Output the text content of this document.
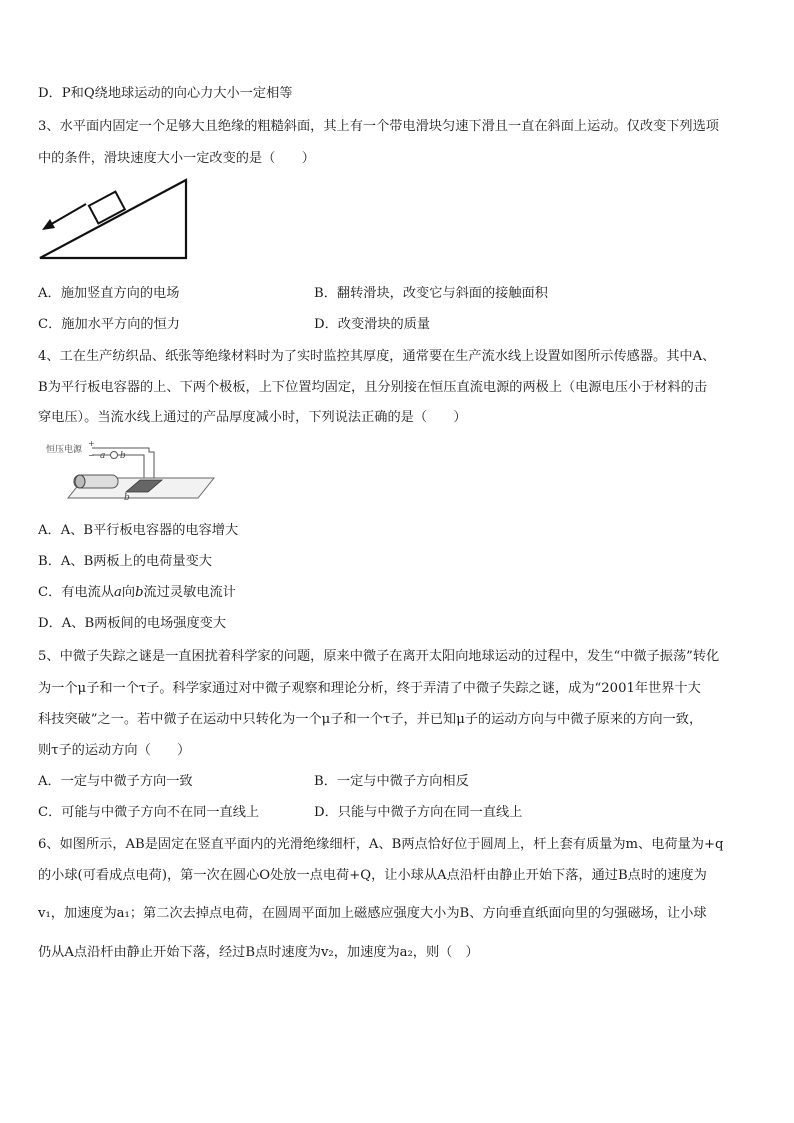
D．P和Q绕地球运动的向心力大小一定相等
3、水平面内固定一个足够大且绝缘的粗糙斜面，其上有一个带电滑块匀速下滑且一直在斜面上运动。仅改变下列选项
中的条件，滑块速度大小一定改变的是（　　）
A．施加竖直方向的电场	B．翻转滑块，改变它与斜面的接触面积
C．施加水平方向的恒力	D．改变滑块的质量
4、工在生产纺织品、纸张等绝缘材料时为了实时监控其厚度，通常要在生产流水线上设置如图所示传感器。其中A、
B为平行板电容器的上、下两个极板，上下位置均固定，且分别接在恒压直流电源的两极上（电源电压小于材料的击
穿电压）。当流水线上通过的产品厚度减小时，下列说法正确的是（　　）
恒压电源
+
− a b
b
A．A、B平行板电容器的电容增大
B．A、B两板上的电荷量变大
C．有电流从a向b流过灵敏电流计
D．A、B两板间的电场强度变大
5、中微子失踪之谜是一直困扰着科学家的问题，原来中微子在离开太阳向地球运动的过程中，发生“中微子振荡”转化
为一个μ子和一个τ子。科学家通过对中微子观察和理论分析，终于弄清了中微子失踪之谜，成为“2001年世界十大
科技突破”之一。若中微子在运动中只转化为一个μ子和一个τ子，并已知μ子的运动方向与中微子原来的方向一致，
则τ子的运动方向（　　）
A．一定与中微子方向一致	B．一定与中微子方向相反
C．可能与中微子方向不在同一直线上	D．只能与中微子方向在同一直线上
6、如图所示，AB是固定在竖直平面内的光滑绝缘细杆，A、B两点恰好位于圆周上，杆上套有质量为m、电荷量为+q
的小球(可看成点电荷)，第一次在圆心O处放一点电荷+Q，让小球从A点沿杆由静止开始下落，通过B点时的速度为
v₁，加速度为a₁；第二次去掉点电荷，在圆周平面加上磁感应强度大小为B、方向垂直纸面向里的匀强磁场，让小球
仍从A点沿杆由静止开始下落，经过B点时速度为v₂，加速度为a₂，则（　）
